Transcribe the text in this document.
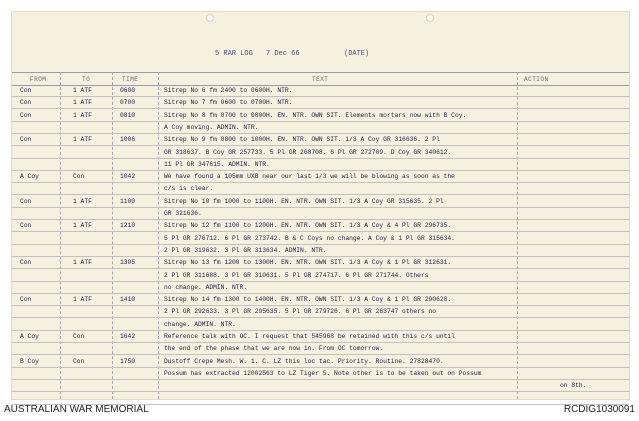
5 RAR LOG 7 Dec 66	(DATE)
FROM	TO	TIME	TEXT	ACTION
Con	1 ATF	0600	Sitrep No 6 fm 2400 to 0600H. NTR.
Con	1 ATF	0700	Sitrep No 7 fm 0600 to 0700H. NTR.
Con	1 ATF	0810	Sitrep No 8 fm 0700 to 0800H. EN. NTR. OWN SIT. Elements mortars now with B Coy.
A Coy moving. ADMIN. NTR.
Con	1 ATF	1006	Sitrep No 9 fm 0800 to 1000H. EN. NTR. OWN SIT. 1/3 A Coy GR 316636. 2 Pl
GR 318637. B Coy GR 257733. 5 Pl GR 268708. 6 Pl GR 272709. D Coy GR 340612.
11 Pl GR 347615. ADMIN. NTR.
A Coy	Con	1042	We have found a 105mm UXB near our last 1/3 we will be blowing as soon as the
c/s is clear.
Con	1 ATF	1100	Sitrep No 10 fm 1000 to 1100H. EN. NTR. OWN SIT. 1/3 A Coy GR 315635. 2 Pl
GR 321636.
Con	1 ATF	1210	Sitrep No 12 fm 1100 to 1200H. EN. NTR. OWN SIT. 1/3 A Coy & 4 Pl GR 296735.
5 Pl GR 276712. 6 Pl GR 273742. B & C Coys no change. A Coy & 1 Pl GR 315634.
2 Pl GR 319632. 3 Pl GR 313634. ADMIN. NTR.
Con	1 ATF	1305	Sitrep No 13 fm 1200 to 1300H. EN. NTR. OWN SIT. 1/3 A Coy & 1 Pl GR 312631.
2 Pl GR 311688. 3 Pl GR 310631. 5 Pl GR 274717. 6 Pl GR 271744. Others
no change. ADMIN. NTR.
Con	1 ATF	1410	Sitrep No 14 fm 1300 to 1400H. EN. NTR. OWN SIT. 1/3 A Coy & 1 Pl GR 290628.
2 Pl GR 292633. 3 Pl GR 295635. 5 Pl GR 279726. 6 Pl GR 263747 others no
change. ADMIN. NTR.
A Coy	Con	1642	Reference talk with OC. I request that 545968 be retained with this c/s until
the end of the phase that we are now in. From OC tomorrow.
B Coy	Con	1750	Dustoff Crepe Mesh. W. 1. C. LZ this loc tac. Priority. Routine. 27828470.
Possum has extracted 12002563 to LZ Tiger 5. Note other is to be taken out on Possum
on 8th.
AUSTRALIAN WAR MEMORIAL	RCDIG1030091
